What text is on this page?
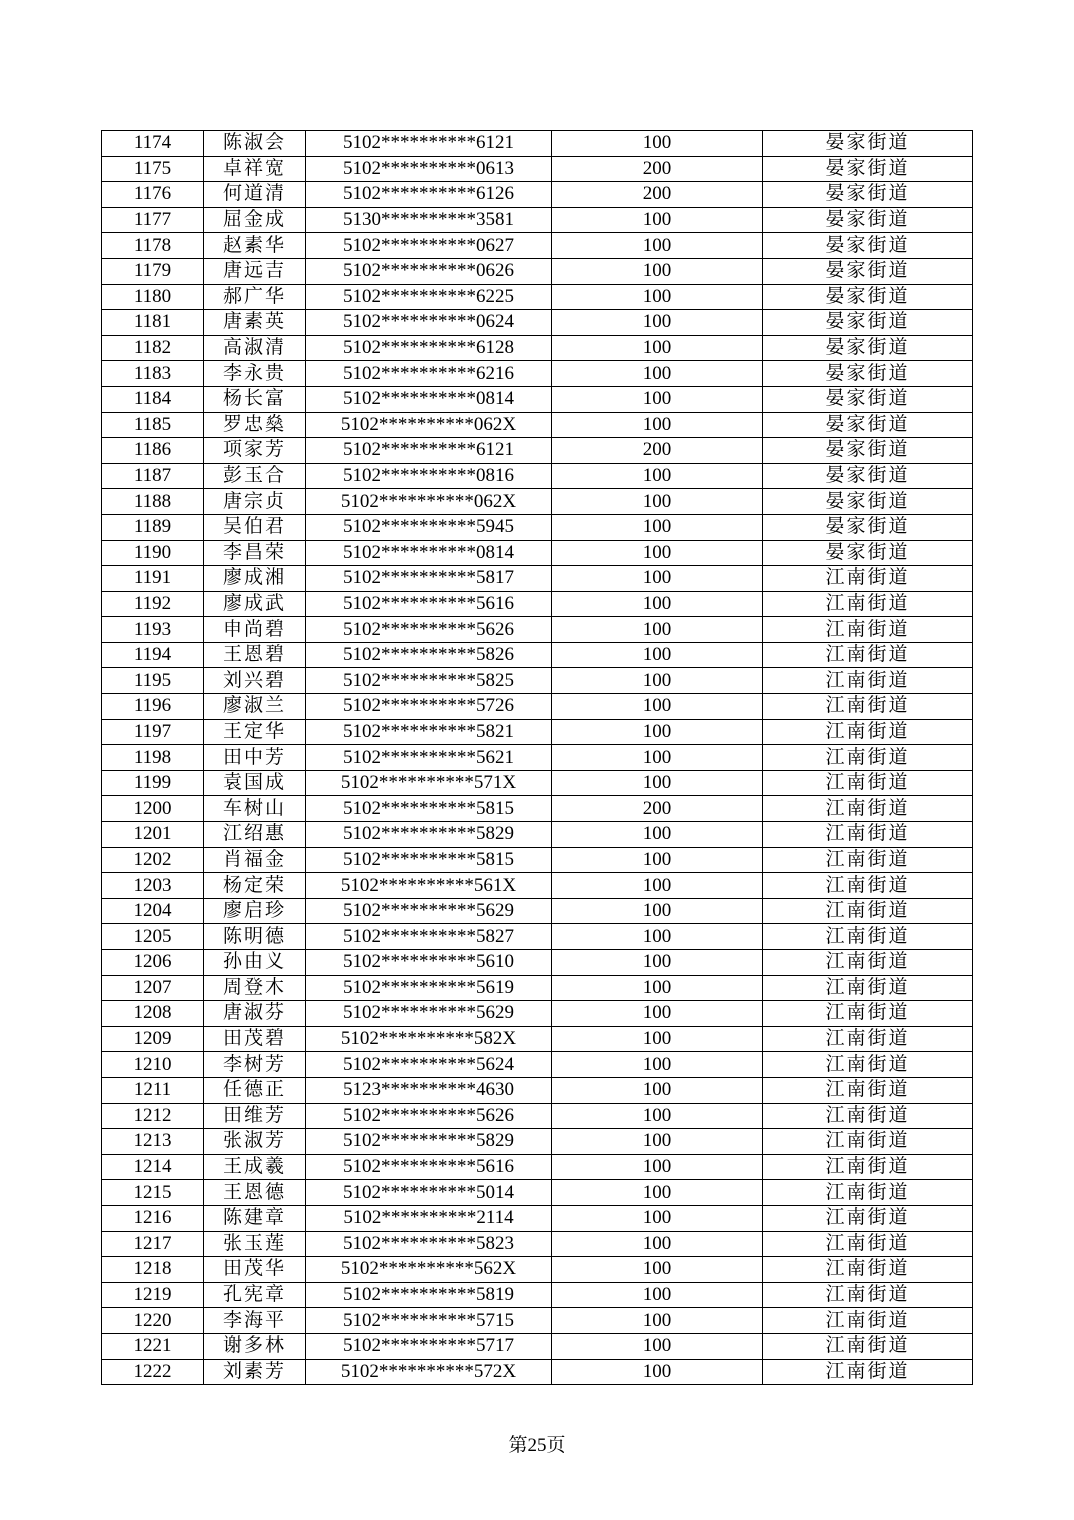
1174	陈淑会	5102**********6121	100	晏家街道
1175	卓祥宽	5102**********0613	200	晏家街道
1176	何道清	5102**********6126	200	晏家街道
1177	屈金成	5130**********3581	100	晏家街道
1178	赵素华	5102**********0627	100	晏家街道
1179	唐远吉	5102**********0626	100	晏家街道
1180	郝广华	5102**********6225	100	晏家街道
1181	唐素英	5102**********0624	100	晏家街道
1182	高淑清	5102**********6128	100	晏家街道
1183	李永贵	5102**********6216	100	晏家街道
1184	杨长富	5102**********0814	100	晏家街道
1185	罗忠燊	5102**********062X	100	晏家街道
1186	项家芳	5102**********6121	200	晏家街道
1187	彭玉合	5102**********0816	100	晏家街道
1188	唐宗贞	5102**********062X	100	晏家街道
1189	吴伯君	5102**********5945	100	晏家街道
1190	李昌荣	5102**********0814	100	晏家街道
1191	廖成湘	5102**********5817	100	江南街道
1192	廖成武	5102**********5616	100	江南街道
1193	申尚碧	5102**********5626	100	江南街道
1194	王恩碧	5102**********5826	100	江南街道
1195	刘兴碧	5102**********5825	100	江南街道
1196	廖淑兰	5102**********5726	100	江南街道
1197	王定华	5102**********5821	100	江南街道
1198	田中芳	5102**********5621	100	江南街道
1199	袁国成	5102**********571X	100	江南街道
1200	车树山	5102**********5815	200	江南街道
1201	江绍惠	5102**********5829	100	江南街道
1202	肖福金	5102**********5815	100	江南街道
1203	杨定荣	5102**********561X	100	江南街道
1204	廖启珍	5102**********5629	100	江南街道
1205	陈明德	5102**********5827	100	江南街道
1206	孙由义	5102**********5610	100	江南街道
1207	周登木	5102**********5619	100	江南街道
1208	唐淑芬	5102**********5629	100	江南街道
1209	田茂碧	5102**********582X	100	江南街道
1210	李树芳	5102**********5624	100	江南街道
1211	任德正	5123**********4630	100	江南街道
1212	田维芳	5102**********5626	100	江南街道
1213	张淑芳	5102**********5829	100	江南街道
1214	王成羲	5102**********5616	100	江南街道
1215	王恩德	5102**********5014	100	江南街道
1216	陈建章	5102**********2114	100	江南街道
1217	张玉莲	5102**********5823	100	江南街道
1218	田茂华	5102**********562X	100	江南街道
1219	孔宪章	5102**********5819	100	江南街道
1220	李海平	5102**********5715	100	江南街道
1221	谢多林	5102**********5717	100	江南街道
1222	刘素芳	5102**********572X	100	江南街道
第25页
